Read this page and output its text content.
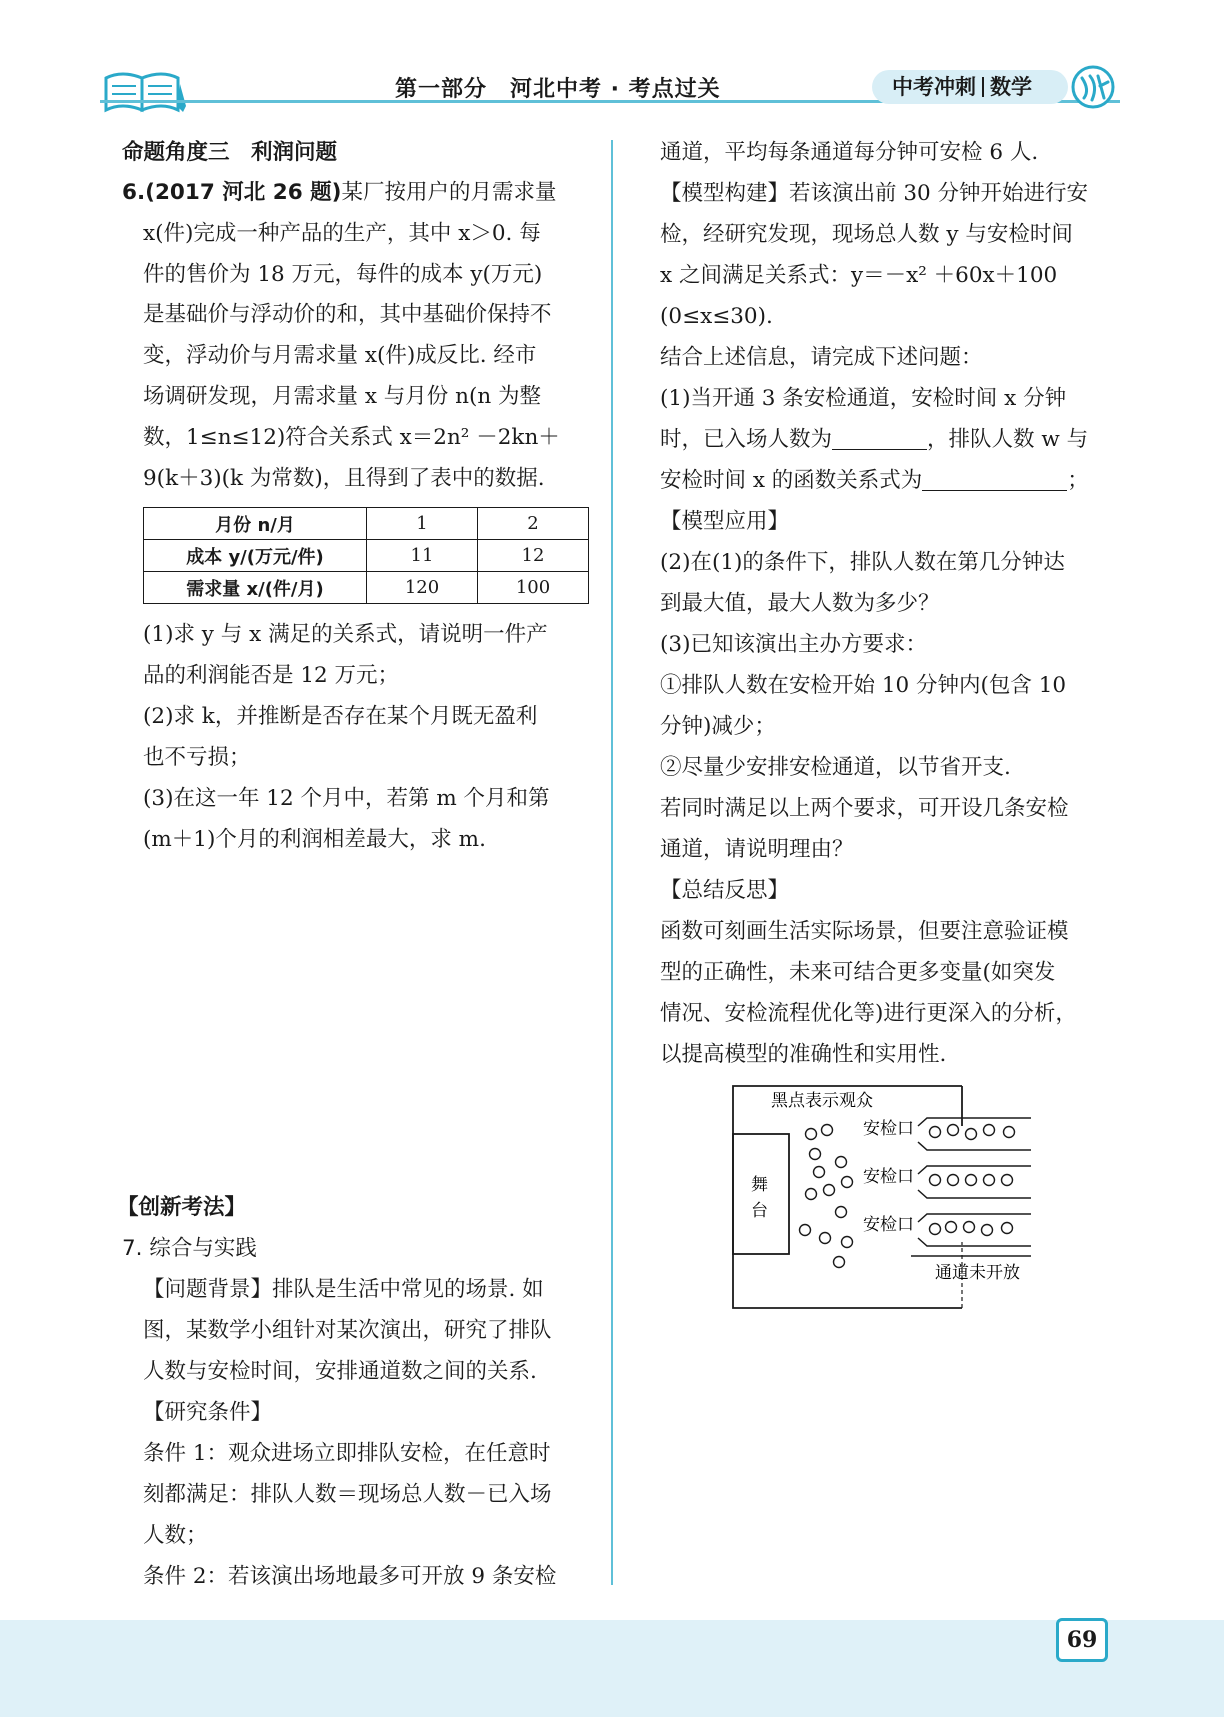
第一部分　河北中考 · 考点过关	中考冲刺 数学
命题角度三　利润问题
6.(2017 河北 26 题)某厂按用户的月需求量
x(件)完成一种产品的生产，其中 x＞0. 每
件的售价为 18 万元，每件的成本 y(万元)
是基础价与浮动价的和，其中基础价保持不
变，浮动价与月需求量 x(件)成反比. 经市
场调研发现，月需求量 x 与月份 n(n 为整
数，1≤n≤12)符合关系式 x＝2n² －2kn＋
9(k＋3)(k 为常数)，且得到了表中的数据.
月份 n/月	1	2
成本 y/(万元/件)	11	12
需求量 x/(件/月)	120	100
(1)求 y 与 x 满足的关系式，请说明一件产
品的利润能否是 12 万元；
(2)求 k，并推断是否存在某个月既无盈利
也不亏损；
(3)在这一年 12 个月中，若第 m 个月和第
(m＋1)个月的利润相差最大，求 m.
【创新考法】
7. 综合与实践
【问题背景】排队是生活中常见的场景. 如
图，某数学小组针对某次演出，研究了排队
人数与安检时间，安排通道数之间的关系.
【研究条件】
条件 1：观众进场立即排队安检，在任意时
刻都满足：排队人数＝现场总人数－已入场
人数；
条件 2：若该演出场地最多可开放 9 条安检
通道，平均每条通道每分钟可安检 6 人.
【模型构建】若该演出前 30 分钟开始进行安
检，经研究发现，现场总人数 y 与安检时间
x 之间满足关系式：y＝－x² ＋60x＋100
(0≤x≤30).
结合上述信息，请完成下述问题：
(1)当开通 3 条安检通道，安检时间 x 分钟
时，已入场人数为	，排队人数 w 与
安检时间 x 的函数关系式为	；
【模型应用】
(2)在(1)的条件下，排队人数在第几分钟达
到最大值，最大人数为多少？
(3)已知该演出主办方要求：
①排队人数在安检开始 10 分钟内(包含 10
分钟)减少；
②尽量少安排安检通道，以节省开支.
若同时满足以上两个要求，可开设几条安检
通道，请说明理由？
【总结反思】
函数可刻画生活实际场景，但要注意验证模
型的正确性，未来可结合更多变量(如突发
情况、安检流程优化等)进行更深入的分析，
以提高模型的准确性和实用性.
黑点表示观众
舞
台
安检口
安检口
安检口
通道未开放
69
